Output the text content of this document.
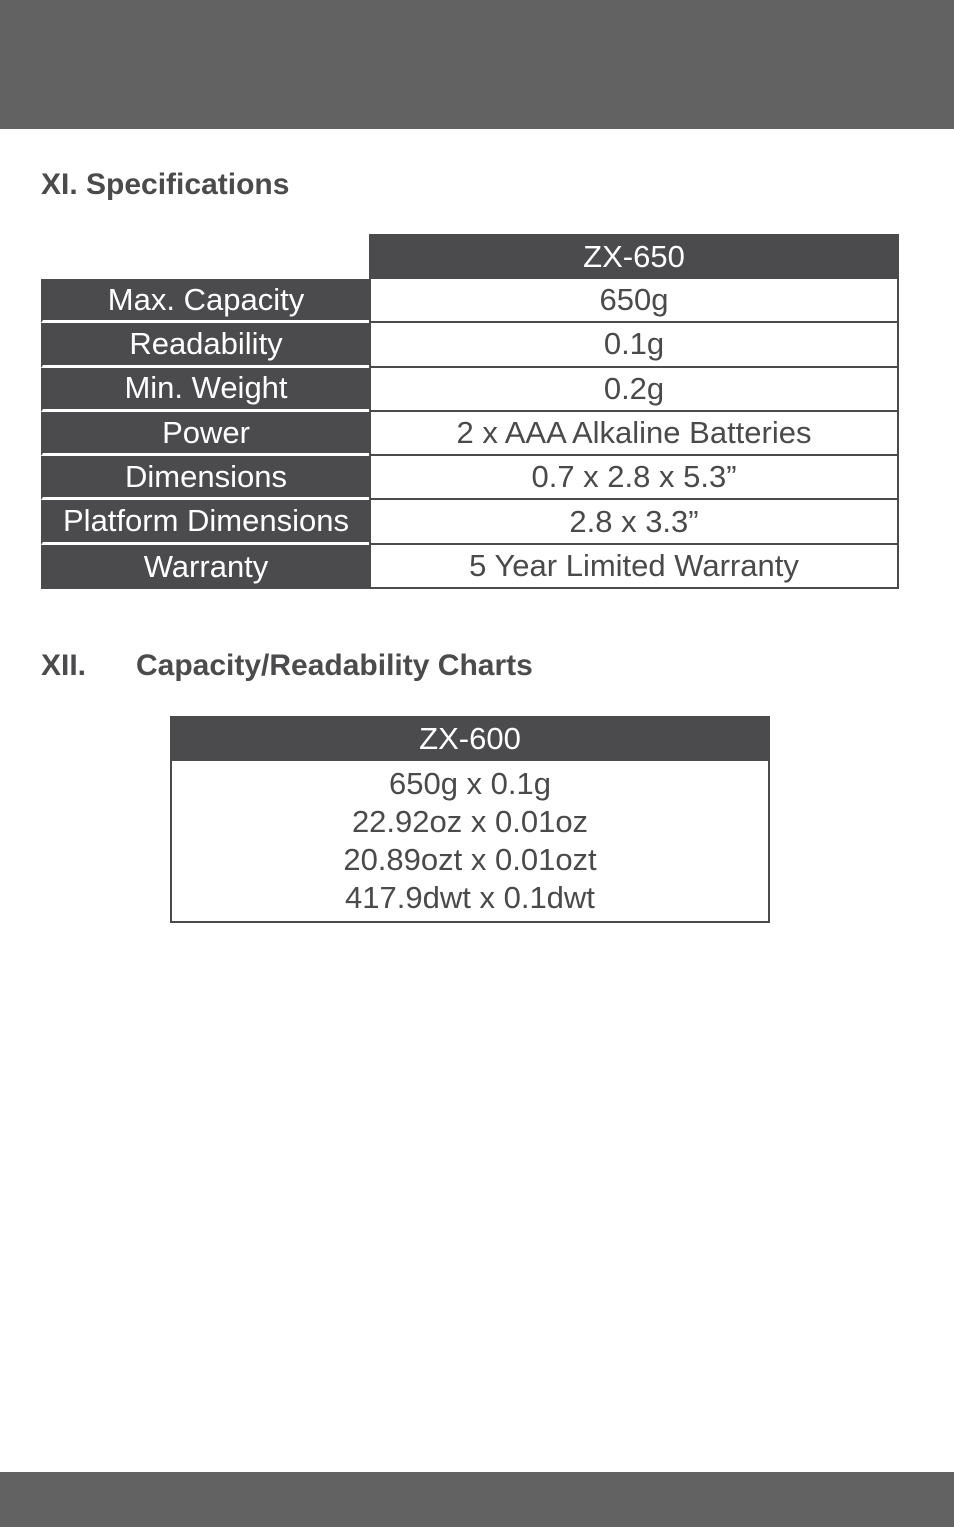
XI. Specifications
ZX-650
Max. Capacity	650g
Readability	0.1g
Min. Weight	0.2g
Power	2 x AAA Alkaline Batteries
Dimensions	0.7 x 2.8 x 5.3”
Platform Dimensions	2.8 x 3.3”
Warranty	5 Year Limited Warranty
XII. Capacity/Readability Charts
ZX-600
650g x 0.1g
22.92oz x 0.01oz
20.89ozt x 0.01ozt
417.9dwt x 0.1dwt
